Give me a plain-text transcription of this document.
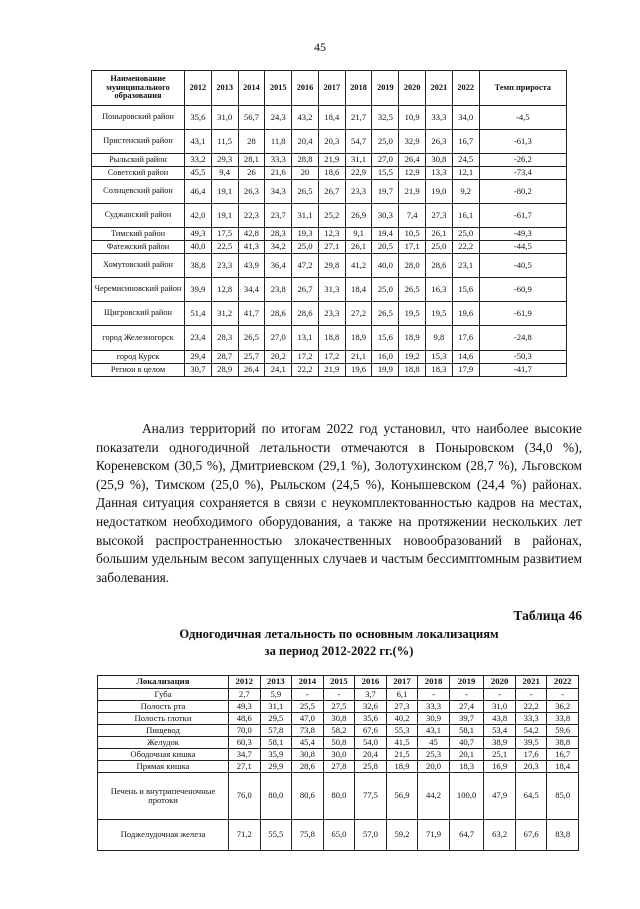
45
Наименование муниципального образования	2012	2013	2014	2015	2016	2017	2018	2019	2020	2021	2022	Темп прироста
Поныровский район	35,6	31,0	56,7	24,3	43,2	18,4	21,7	32,5	10,9	33,3	34,0	-4,5
Пристенский район	43,1	11,5	28	11,8	20,4	20,3	54,7	25,0	32,9	26,3	16,7	-61,3
Рыльский район	33,2	29,3	28,1	33,3	28,8	21,9	31,1	27,0	26,4	30,8	24,5	-26,2
Советский район	45,5	9,4	26	21,6	20	18,6	22,9	15,5	12,9	13,3	12,1	-73,4
Солнцевский район	46,4	19,1	26,3	34,3	26,5	26,7	23,3	19,7	21,9	19,0	9,2	-80,2
Суджанский район	42,0	19,1	22,3	23,7	31,1	25,2	26,9	30,3	7,4	27,3	16,1	-61,7
Тимский район	49,3	17,5	42,8	28,3	19,3	12,3	9,1	19,4	10,5	26,1	25,0	-49,3
Фатежский район	40,0	22,5	41,3	34,2	25,0	27,1	26,1	20,5	17,1	25,0	22,2	-44,5
Хомутовский район	38,8	23,3	43,9	36,4	47,2	29,8	41,2	40,0	28,0	28,6	23,1	-40,5
Черемисиновский район	39,9	12,8	34,4	23,8	26,7	31,3	18,4	25,0	26,5	16,3	15,6	-60,9
Щигровский район	51,4	31,2	41,7	28,6	28,6	23,3	27,2	26,5	19,5	19,5	19,6	-61,9
город Железногорск	23,4	28,3	26,5	27,0	13,1	18,8	18,9	15,6	18,9	9,8	17,6	-24,8
город Курск	29,4	28,7	25,7	20,2	17,2	17,2	21,1	16,0	19,2	15,3	14,6	-50,3
Регион в целом	30,7	28,9	26,4	24,1	22,2	21,9	19,6	19,9	18,8	18,3	17,9	-41,7

Анализ территорий по итогам 2022 год установил, что наиболее высокие показатели одногодичной летальности отмечаются в Поныровском (34,0 %), Кореневском (30,5 %), Дмитриевском (29,1 %), Золотухинском (28,7 %), Льговском (25,9 %), Тимском (25,0 %), Рыльском (24,5 %), Конышевском (24,4 %) районах. Данная ситуация сохраняется в связи с неукомплектованностью кадров на местах, недостатком необходимого оборудования, а также на протяжении нескольких лет высокой распространенностью злокачественных новообразований в районах, большим удельным весом запущенных случаев и частым бессимптомным развитием заболевания.

Таблица 46
Одногодичная летальность по основным локализациям
за период 2012-2022 гг.(%)
Локализация	2012	2013	2014	2015	2016	2017	2018	2019	2020	2021	2022
Губа	2,7	5,9	-	-	3,7	6,1	-	-	-	-	-
Полость рта	49,3	31,1	25,5	27,5	32,6	27,3	33,3	27,4	31,0	22,2	36,2
Полость глотки	48,6	29,5	47,0	30,8	35,6	40,2	30,9	39,7	43,8	33,3	33,8
Пищевод	70,0	57,8	73,8	58,2	67,6	55,3	43,1	58,1	53,4	54,2	59,6
Желудок	60,3	58,1	45,4	50,8	54,0	41,5	45	40,7	38,9	39,5	38,8
Ободочная кишка	34,7	35,9	30,8	30,0	20,4	21,5	25,3	20,1	25,1	17,6	16,7
Прямая кишка	27,1	29,9	28,6	27,8	25,8	18,9	20,0	18,3	16,9	20,3	18,4
Печень и внутрипеченочные протоки	76,0	80,0	80,6	80,0	77,5	56,9	44,2	100,0	47,9	64,5	85,0
Поджелудочная железа	71,2	55,5	75,8	65,0	57,0	59,2	71,9	64,7	63,2	67,6	83,8
